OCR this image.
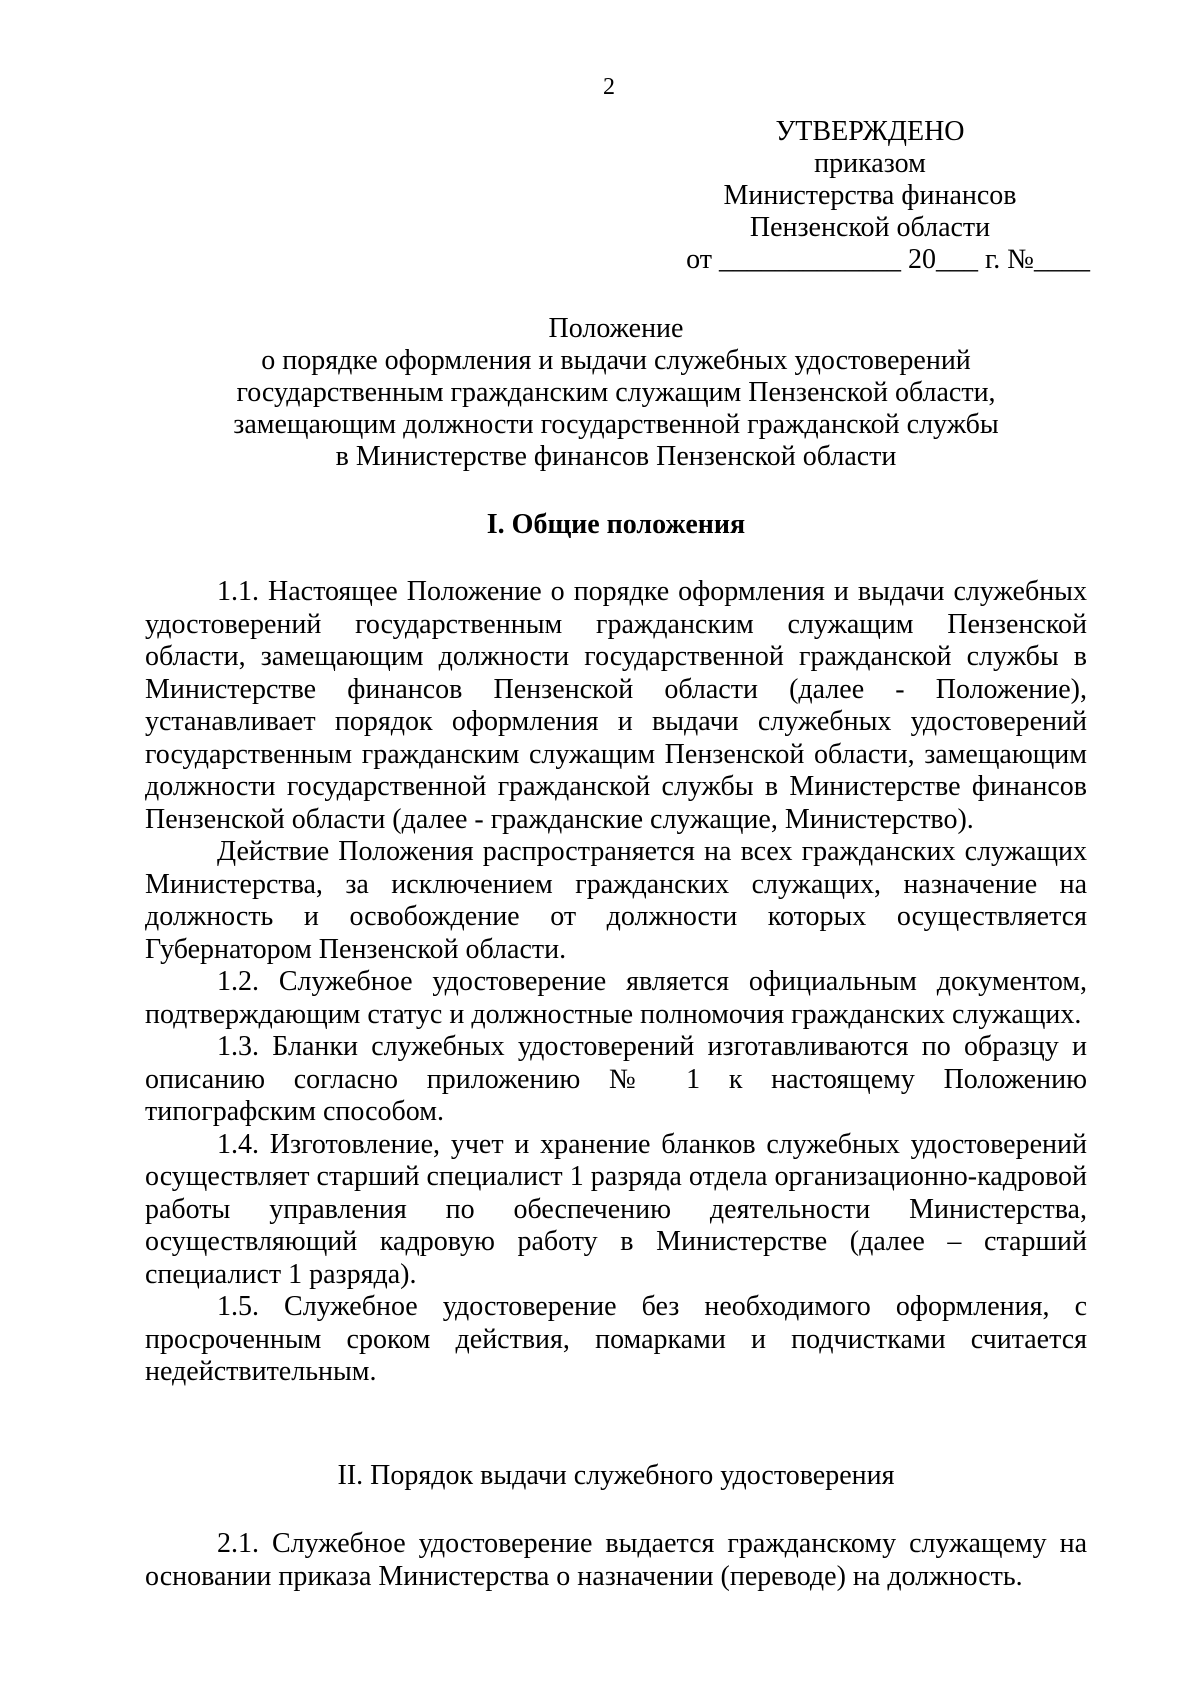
2
УТВЕРЖДЕНО
приказом
Министерства финансов
Пензенской области
от _____________ 20___ г. №____
Положение
о порядке оформления и выдачи служебных удостоверений
государственным гражданским служащим Пензенской области,
замещающим должности государственной гражданской службы
в Министерстве финансов Пензенской области
I. Общие положения

1.1. Настоящее Положение о порядке оформления и выдачи служебных удостоверений государственным гражданским служащим Пензенской области, замещающим должности государственной гражданской службы в Министерстве финансов Пензенской области (далее - Положение), устанавливает порядок оформления и выдачи служебных удостоверений государственным гражданским служащим Пензенской области, замещающим должности государственной гражданской службы в Министерстве финансов Пензенской области (далее - гражданские служащие, Министерство).

Действие Положения распространяется на всех гражданских служащих Министерства, за исключением гражданских служащих, назначение на должность и освобождение от должности которых осуществляется Губернатором Пензенской области.

1.2. Служебное удостоверение является официальным документом, подтверждающим статус и должностные полномочия гражданских служащих.

1.3. Бланки служебных удостоверений изготавливаются по образцу и описанию согласно приложению № 1 к настоящему Положению типографским способом.

1.4. Изготовление, учет и хранение бланков служебных удостоверений осуществляет старший специалист 1 разряда отдела организационно-кадровой работы управления по обеспечению деятельности Министерства, осуществляющий кадровую работу в Министерстве (далее – старший специалист 1 разряда).

1.5. Служебное удостоверение без необходимого оформления, с просроченным сроком действия, помарками и подчистками считается недействительным.

II. Порядок выдачи служебного удостоверения

2.1. Служебное удостоверение выдается гражданскому служащему на основании приказа Министерства о назначении (переводе) на должность.
